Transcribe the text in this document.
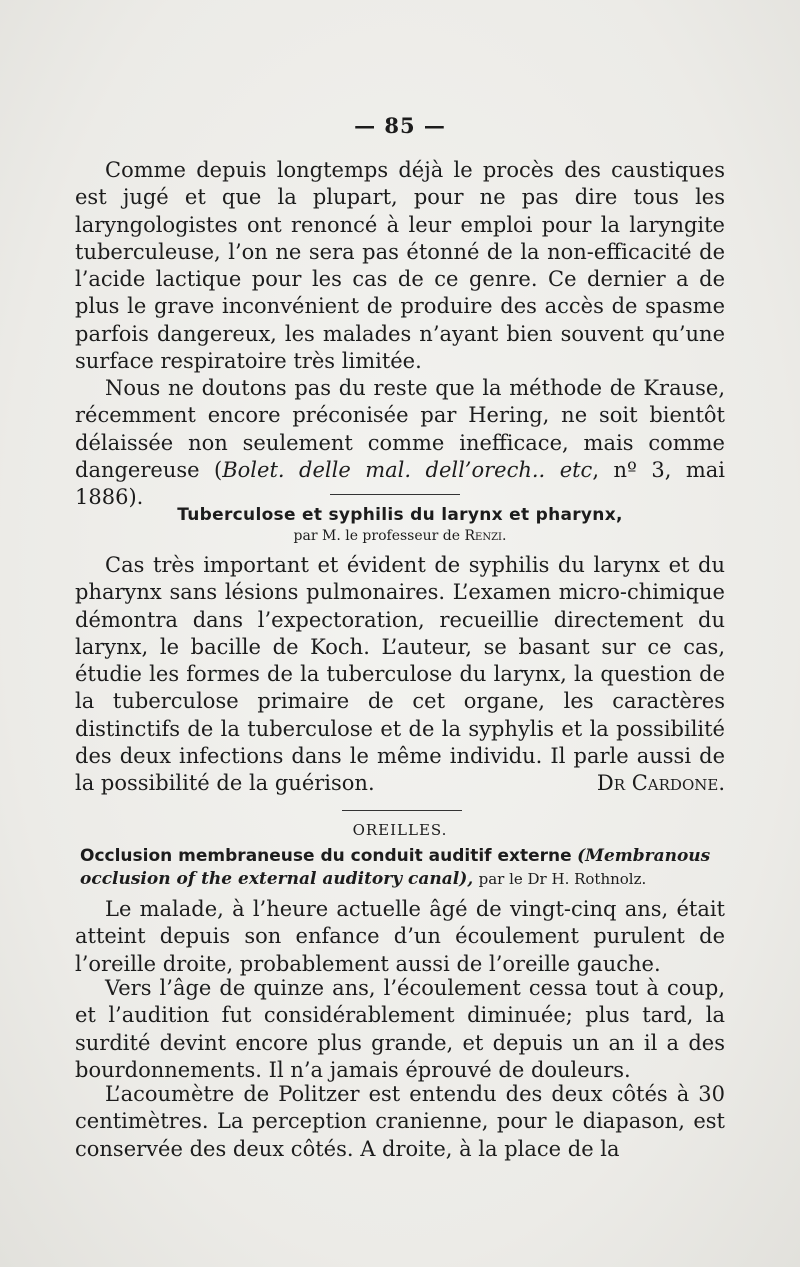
— 85 —

Comme depuis longtemps déjà le procès des caustiques est jugé et que la plupart, pour ne pas dire tous les laryngologistes ont renoncé à leur emploi pour la laryngite tuberculeuse, l’on ne sera pas étonné de la non-efficacité de l’acide lactique pour les cas de ce genre. Ce dernier a de plus le grave inconvénient de produire des accès de spasme parfois dangereux, les malades n’ayant bien souvent qu’une surface respiratoire très limitée.

Nous ne doutons pas du reste que la méthode de Krause, récemment encore préconisée par Hering, ne soit bientôt délaissée non seulement comme inefficace, mais comme dangereuse (Bolet. delle mal. dell’orech.. etc, nº 3, mai 1886).

Tuberculose et syphilis du larynx et pharynx,
par M. le professeur de Renzi.

Cas très important et évident de syphilis du larynx et du pharynx sans lésions pulmonaires. L’examen micro-chimique démontra dans l’expectoration, recueillie directement du larynx, le bacille de Koch. L’auteur, se basant sur ce cas, étudie les formes de la tuberculose du larynx, la question de la tuberculose primaire de cet organe, les caractères distinctifs de la tuberculose et de la syphylis et la possibilité des deux infections dans le même individu. Il parle aussi de la possibilité de la guérison.	Dr Cardone.

OREILLES.
Occlusion membraneuse du conduit auditif externe (Membranous occlusion of the external auditory canal), par le Dr H. Rothnolz.

Le malade, à l’heure actuelle âgé de vingt-cinq ans, était atteint depuis son enfance d’un écoulement purulent de l’oreille droite, probablement aussi de l’oreille gauche.

Vers l’âge de quinze ans, l’écoulement cessa tout à coup, et l’audition fut considérablement diminuée; plus tard, la surdité devint encore plus grande, et depuis un an il a des bourdonnements. Il n’a jamais éprouvé de douleurs.

L’acoumètre de Politzer est entendu des deux côtés à 30 centimètres. La perception cranienne, pour le diapason, est conservée des deux côtés. A droite, à la place de la
